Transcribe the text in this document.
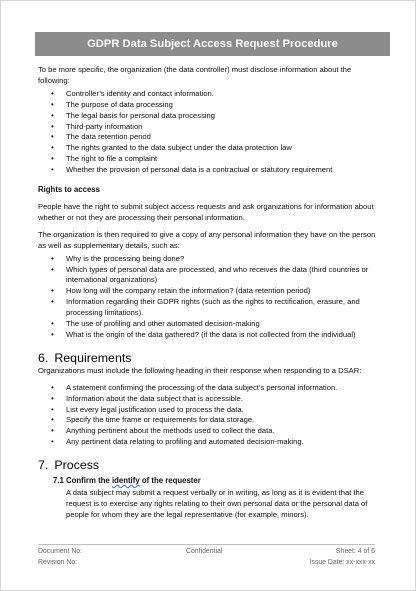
GDPR Data Subject Access Request Procedure

To be more specific, the organization (the data controller) must disclose information about the following:

• Controller’s identity and contact information.
• The purpose of data processing
• The legal basis for personal data processing
• Third-party information
• The data retention period
• The rights granted to the data subject under the data protection law
• The right to file a complaint
• Whether the provision of personal data is a contractual or statutory requirement
Rights to access

People have the right to submit subject access requests and ask organizations for information about whether or not they are processing their personal information.

The organization is then required to give a copy of any personal information they have on the person as well as supplementary details, such as:

• Why is the processing being done?
• Which types of personal data are processed, and who receives the data (third countries or international organizations)
• How long will the company retain the information? (data retention period)
• Information regarding their GDPR rights (such as the rights to rectification, erasure, and processing limitations).
• The use of profiling and other automated decision-making
• What is the origin of the data gathered? (if the data is not collected from the individual)
6. Requirements

Organizations must include the following heading in their response when responding to a DSAR:

• A statement confirming the processing of the data subject’s personal information.
• Information about the data subject that is accessible.
• List every legal justification used to process the data.
• Specify the time frame or requirements for data storage.
• Anything pertinent about the methods used to collect the data.
• Any pertinent data relating to profiling and automated decision-making.
7. Process
7.1 Confirm the identify of the requester

A data subject may submit a request verbally or in writing, as long as it is evident that the request is to exercise any rights relating to their own personal data or the personal data of people for whom they are the legal representative (for example, minors).

Document No:	Confidential	Sheet: 4 of 6
Revision No:	Issue Date: xx-xxx-xx
